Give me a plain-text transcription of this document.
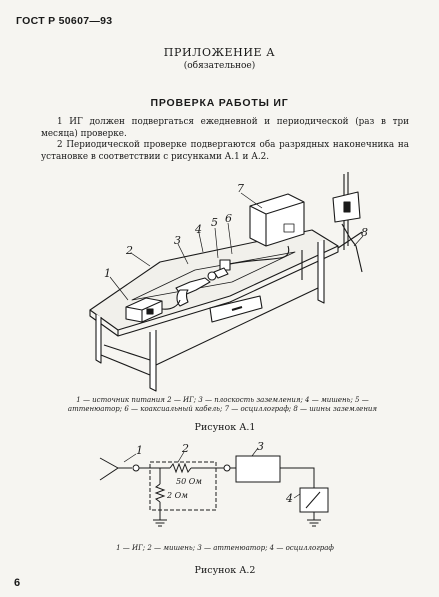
ГОСТ Р 50607—93
ПРИЛОЖЕНИЕ А
(обязательное)
ПРОВЕРКА РАБОТЫ ИГ
1 ИГ должен подвергаться ежедневной и периодической (раз в три месяца) проверке.
2 Периодической проверке подвергаются оба разрядных наконечника на установке в соответствии с рисунками А.1 и А.2.
1
2
3
4
5 6
7
8
1 — источник питания 2 — ИГ; 3 — плоскость заземления; 4 — мишень; 5 — аттенюатор; 6 — коаксиальный кабель; 7 — осциллограф; 8 — шины заземления
Рисунок А.1
50 Ом
2 Ом
1	2	3
4
1 — ИГ; 2 — мишень; 3 — аттенюатор; 4 — осциллограф
Рисунок А.2
6
